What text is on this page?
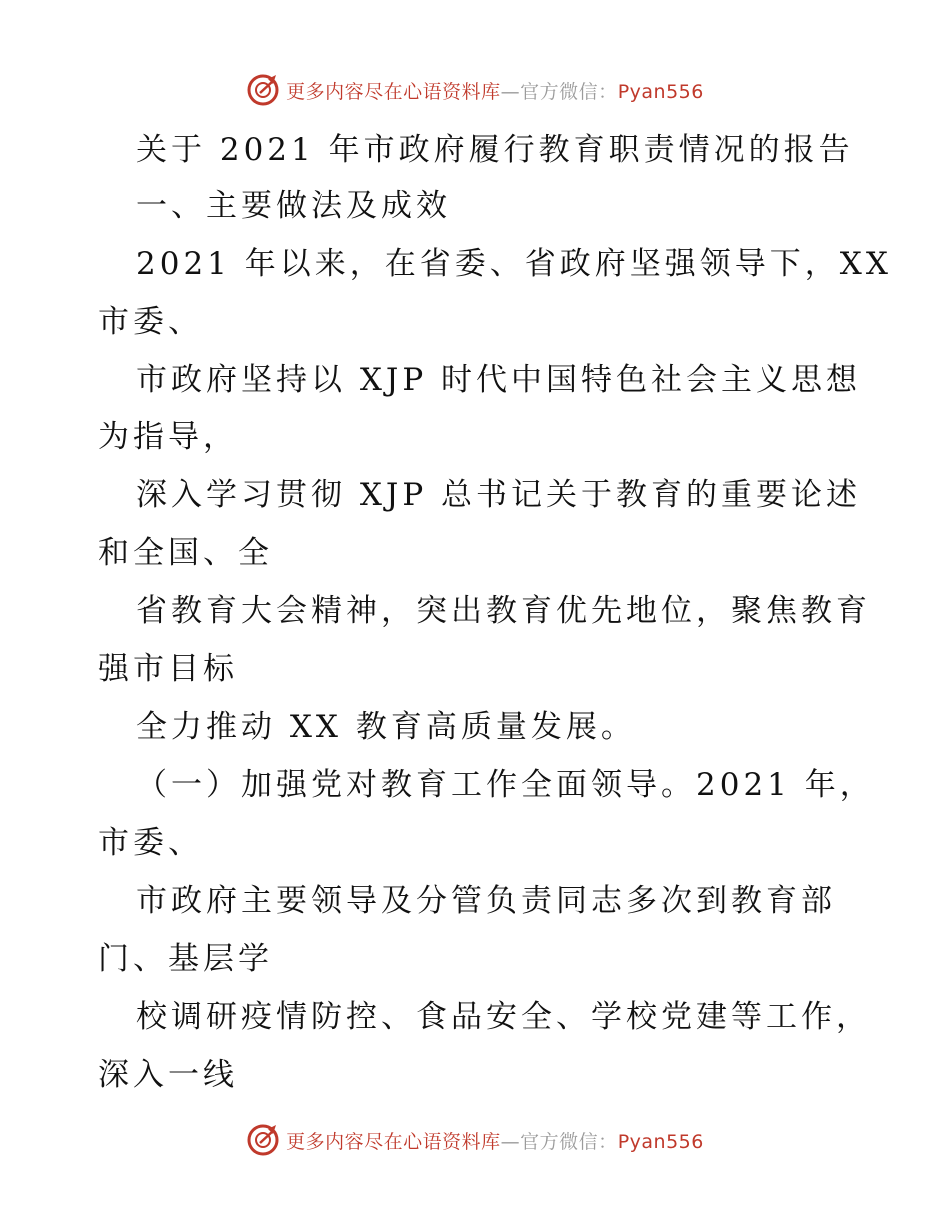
更多内容尽在心语资料库—官方微信：Pyan556
关于 2021 年市政府履行教育职责情况的报告
一、主要做法及成效
2021 年以来，在省委、省政府坚强领导下，XX
市委、
市政府坚持以 XJP 时代中国特色社会主义思想
为指导，
深入学习贯彻 XJP 总书记关于教育的重要论述
和全国、全
省教育大会精神，突出教育优先地位，聚焦教育
强市目标
全力推动 XX 教育高质量发展。
（一）加强党对教育工作全面领导。2021 年，
市委、
市政府主要领导及分管负责同志多次到教育部
门、基层学
校调研疫情防控、食品安全、学校党建等工作，
深入一线
更多内容尽在心语资料库—官方微信：Pyan556
